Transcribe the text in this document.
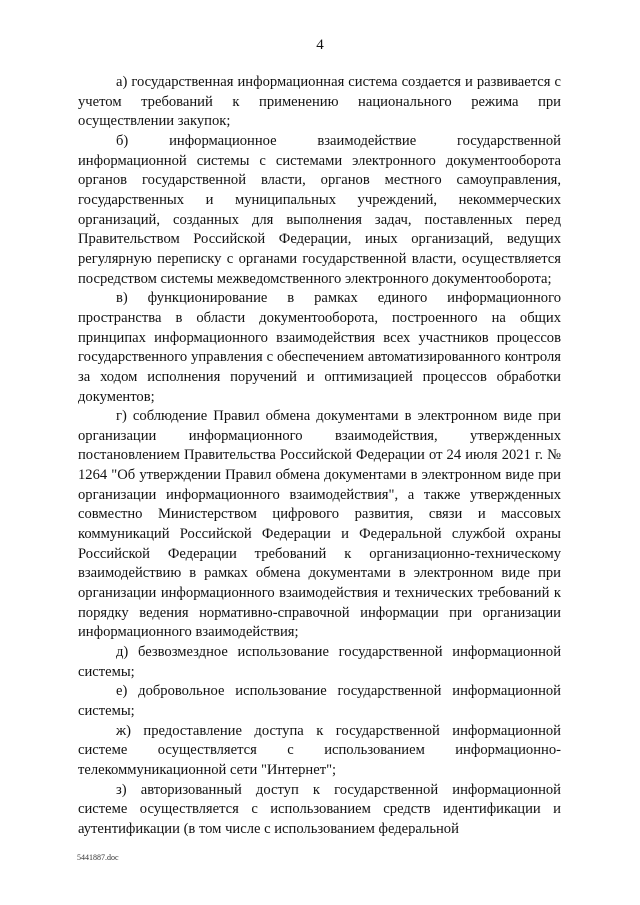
4

а) государственная информационная система создается и развивается с учетом требований к применению национального режима при осуществлении закупок;

б) информационное взаимодействие государственной информационной системы с системами электронного документооборота органов государственной власти, органов местного самоуправления, государственных и муниципальных учреждений, некоммерческих организаций, созданных для выполнения задач, поставленных перед Правительством Российской Федерации, иных организаций, ведущих регулярную переписку с органами государственной власти, осуществляется посредством системы межведомственного электронного документооборота;

в) функционирование в рамках единого информационного пространства в области документооборота, построенного на общих принципах информационного взаимодействия всех участников процессов государственного управления с обеспечением автоматизированного контроля за ходом исполнения поручений и оптимизацией процессов обработки документов;

г) соблюдение Правил обмена документами в электронном виде при организации информационного взаимодействия, утвержденных постановлением Правительства Российской Федерации от 24 июля 2021 г. № 1264 "Об утверждении Правил обмена документами в электронном виде при организации информационного взаимодействия", а также утвержденных совместно Министерством цифрового развития, связи и массовых коммуникаций Российской Федерации и Федеральной службой охраны Российской Федерации требований к организационно-техническому взаимодействию в рамках обмена документами в электронном виде при организации информационного взаимодействия и технических требований к порядку ведения нормативно-справочной информации при организации информационного взаимодействия;

д) безвозмездное использование государственной информационной системы;

е) добровольное использование государственной информационной системы;

ж) предоставление доступа к государственной информационной системе осуществляется с использованием информационно-телекоммуникационной сети "Интернет";

з) авторизованный доступ к государственной информационной системе осуществляется с использованием средств идентификации и аутентификации (в том числе с использованием федеральной

5441887.doc
